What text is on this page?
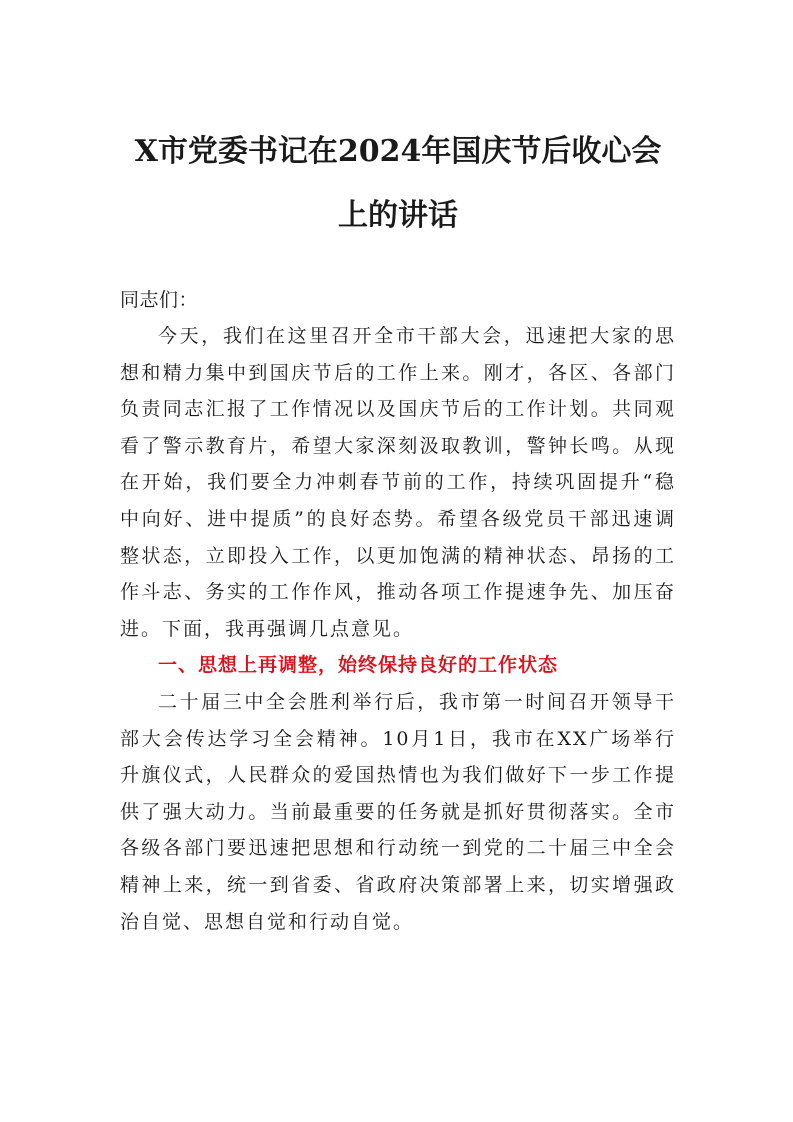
X市党委书记在2024年国庆节后收心会上的讲话
同志们：

今天，我们在这里召开全市干部大会，迅速把大家的思想和精力集中到国庆节后的工作上来。刚才，各区、各部门负责同志汇报了工作情况以及国庆节后的工作计划。共同观看了警示教育片，希望大家深刻汲取教训，警钟长鸣。从现在开始，我们要全力冲刺春节前的工作，持续巩固提升“稳中向好、进中提质”的良好态势。希望各级党员干部迅速调整状态，立即投入工作，以更加饱满的精神状态、昂扬的工作斗志、务实的工作作风，推动各项工作提速争先、加压奋进。下面，我再强调几点意见。

一、思想上再调整，始终保持良好的工作状态

二十届三中全会胜利举行后，我市第一时间召开领导干部大会传达学习全会精神。10月1日，我市在XX广场举行升旗仪式，人民群众的爱国热情也为我们做好下一步工作提供了强大动力。当前最重要的任务就是抓好贯彻落实。全市各级各部门要迅速把思想和行动统一到党的二十届三中全会精神上来，统一到省委、省政府决策部署上来，切实增强政治自觉、思想自觉和行动自觉。
